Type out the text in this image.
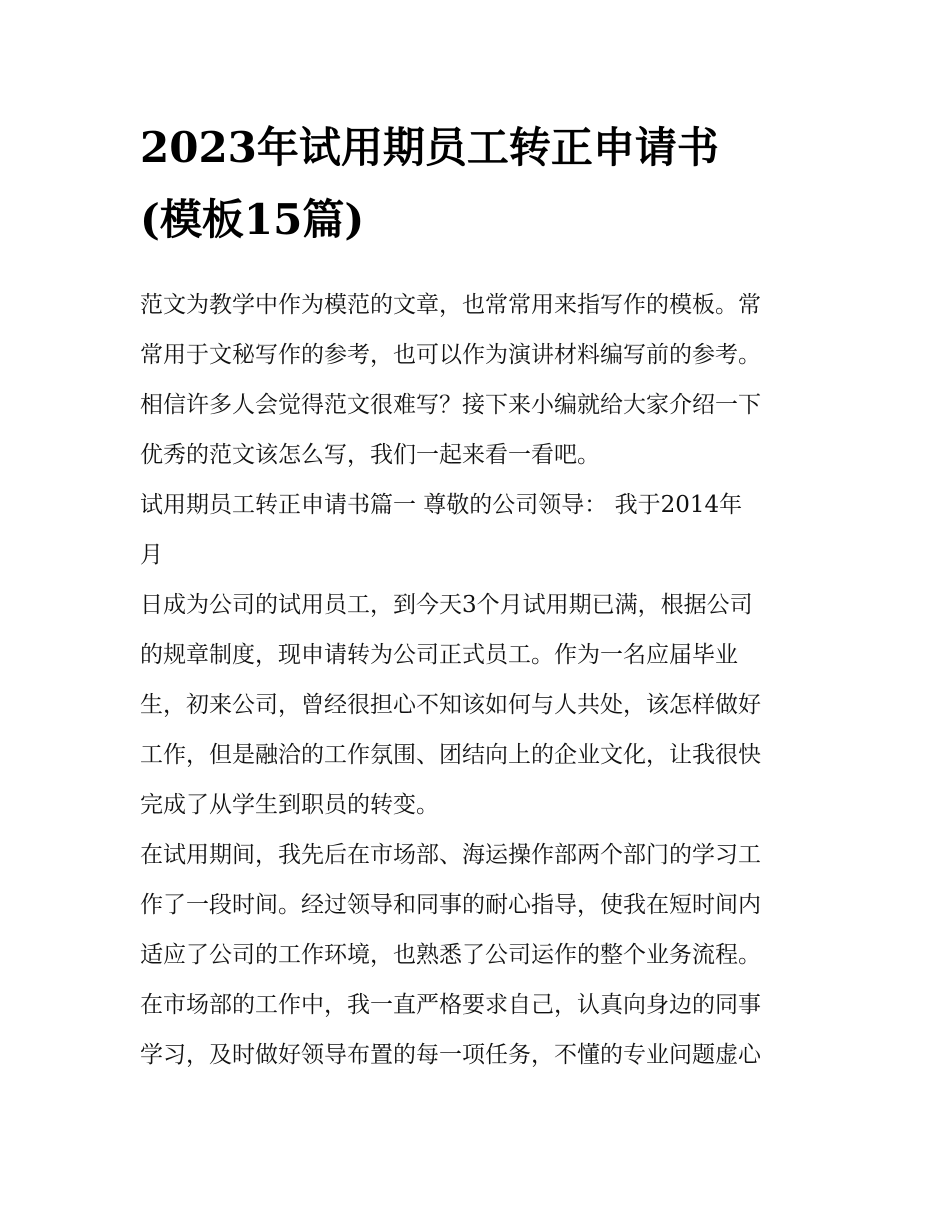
2023年试用期员工转正申请书
(模板15篇)
范文为教学中作为模范的文章，也常常用来指写作的模板。常
常用于文秘写作的参考，也可以作为演讲材料编写前的参考。
相信许多人会觉得范文很难写？接下来小编就给大家介绍一下
优秀的范文该怎么写，我们一起来看一看吧。
试用期员工转正申请书篇一 尊敬的公司领导： 我于2014年
月
日成为公司的试用员工，到今天3个月试用期已满，根据公司
的规章制度，现申请转为公司正式员工。作为一名应届毕业
生，初来公司，曾经很担心不知该如何与人共处，该怎样做好
工作，但是融洽的工作氛围、团结向上的企业文化，让我很快
完成了从学生到职员的转变。
在试用期间，我先后在市场部、海运操作部两个部门的学习工
作了一段时间。经过领导和同事的耐心指导，使我在短时间内
适应了公司的工作环境，也熟悉了公司运作的整个业务流程。
在市场部的工作中，我一直严格要求自己，认真向身边的同事
学习，及时做好领导布置的每一项任务，不懂的专业问题虚心
